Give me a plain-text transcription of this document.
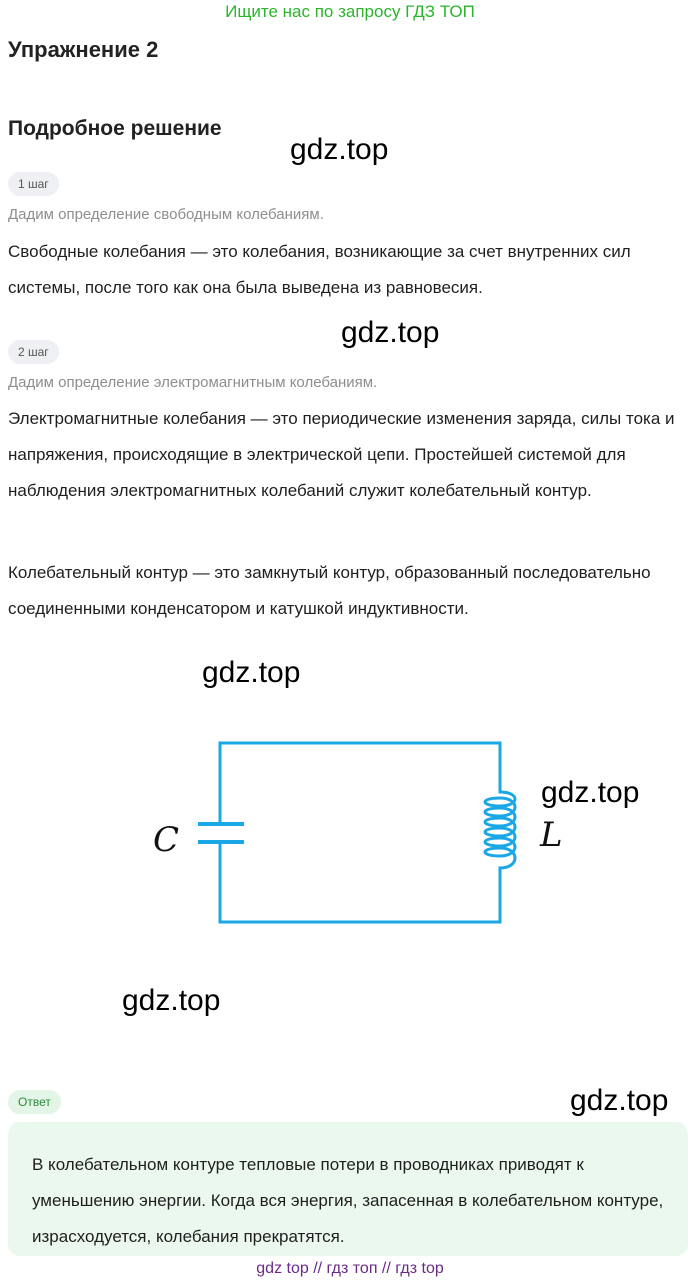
Ищите нас по запросу ГДЗ ТОП
Упражнение 2
Подробное решение
gdz.top
1 шаг
Дадим определение свободным колебаниям.
Свободные колебания — это колебания, возникающие за счет внутренних сил системы, после того как она была выведена из равновесия.
gdz.top
2 шаг
Дадим определение электромагнитным колебаниям.
Электромагнитные колебания — это периодические изменения заряда, силы тока и напряжения, происходящие в электрической цепи. Простейшей системой для наблюдения электромагнитных колебаний служит колебательный контур.
Колебательный контур — это замкнутый контур, образованный последовательно соединенными конденсатором и катушкой индуктивности.
gdz.top
C	L
gdz.top
gdz.top
Ответ	gdz.top
В колебательном контуре тепловые потери в проводниках приводят к уменьшению энергии. Когда вся энергия, запасенная в колебательном контуре, израсходуется, колебания прекратятся.
gdz top // гдз топ // гдз top
